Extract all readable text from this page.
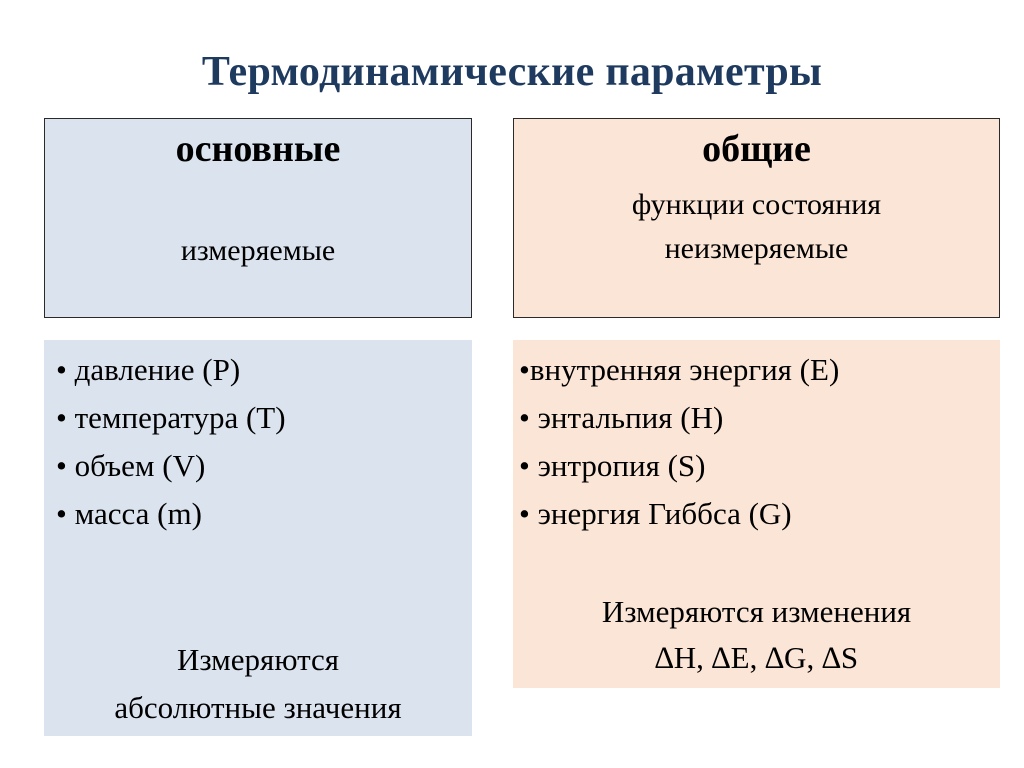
Термодинамические параметры
основные
измеряемые
общие
функции состояния
неизмеряемые
• давление (P)
• температура (T)
• объем (V)
• масса (m)
Измеряются
абсолютные значения
•внутренняя энергия (E)
• энтальпия (H)
• энтропия (S)
• энергия Гиббса (G)
Измеряются изменения
∆H, ∆E, ∆G, ∆S
